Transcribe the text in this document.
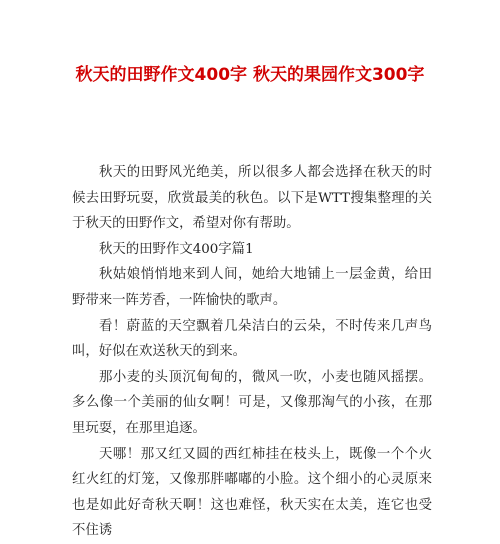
秋天的田野作文400字 秋天的果园作文300字

秋天的田野风光绝美，所以很多人都会选择在秋天的时候去田野玩耍，欣赏最美的秋色。以下是WTT搜集整理的关于秋天的田野作文，希望对你有帮助。

秋天的田野作文400字篇1

秋姑娘悄悄地来到人间，她给大地铺上一层金黄，给田野带来一阵芳香，一阵愉快的歌声。

看！蔚蓝的天空飘着几朵洁白的云朵，不时传来几声鸟叫，好似在欢送秋天的到来。

那小麦的头顶沉甸甸的，微风一吹，小麦也随风摇摆。多么像一个美丽的仙女啊！可是，又像那淘气的小孩，在那里玩耍，在那里追逐。

天哪！那又红又圆的西红柿挂在枝头上，既像一个个火红火红的灯笼，又像那胖嘟嘟的小脸。这个细小的心灵原来也是如此好奇秋天啊！这也难怪，秋天实在太美，连它也受不住诱
